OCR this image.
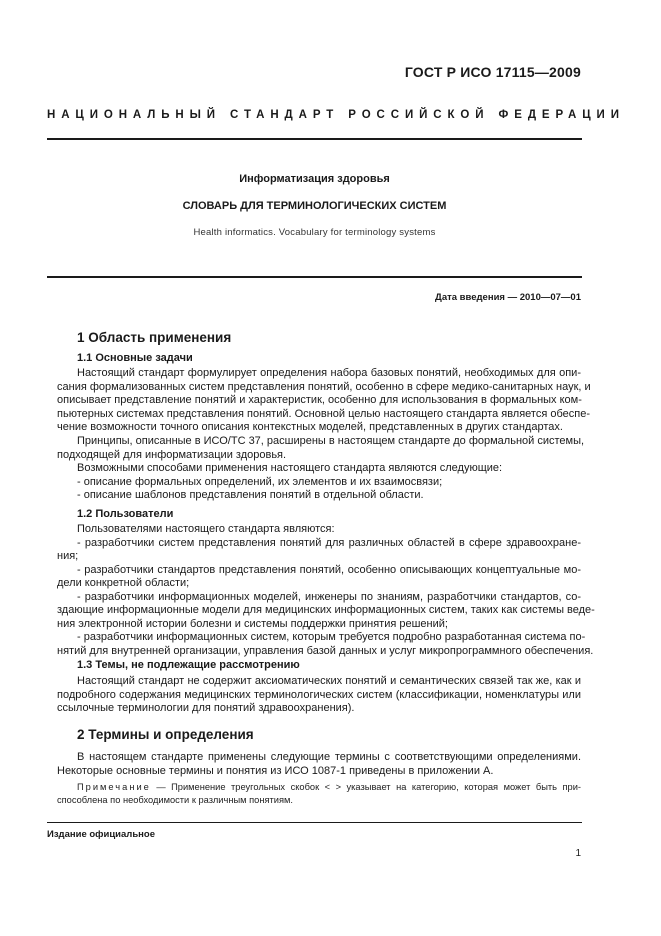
ГОСТ Р ИСО 17115—2009
НАЦИОНАЛЬНЫЙ СТАНДАРТ РОССИЙСКОЙ ФЕДЕРАЦИИ
Информатизация здоровья
СЛОВАРЬ ДЛЯ ТЕРМИНОЛОГИЧЕСКИХ СИСТЕМ
Health informatics. Vocabulary for terminology systems
Дата введения — 2010—07—01
1 Область применения
1.1 Основные задачи
Настоящий стандарт формулирует определения набора базовых понятий, необходимых для опи-
сания формализованных систем представления понятий, особенно в сфере медико-санитарных наук, и
описывает представление понятий и характеристик, особенно для использования в формальных ком-
пьютерных системах представления понятий. Основной целью настоящего стандарта является обеспе-
чение возможности точного описания контекстных моделей, представленных в других стандартах.
Принципы, описанные в ИСО/ТС 37, расширены в настоящем стандарте до формальной системы,
подходящей для информатизации здоровья.
Возможными способами применения настоящего стандарта являются следующие:
- описание формальных определений, их элементов и их взаимосвязи;
- описание шаблонов представления понятий в отдельной области.
1.2 Пользователи
Пользователями настоящего стандарта являются:
- разработчики систем представления понятий для различных областей в сфере здравоохране-
ния;
- разработчики стандартов представления понятий, особенно описывающих концептуальные мо-
дели конкретной области;
- разработчики информационных моделей, инженеры по знаниям, разработчики стандартов, со-
здающие информационные модели для медицинских информационных систем, таких как системы веде-
ния электронной истории болезни и системы поддержки принятия решений;
- разработчики информационных систем, которым требуется подробно разработанная система по-
нятий для внутренней организации, управления базой данных и услуг микропрограммного обеспечения.
1.3 Темы, не подлежащие рассмотрению
Настоящий стандарт не содержит аксиоматических понятий и семантических связей так же, как и
подробного содержания медицинских терминологических систем (классификации, номенклатуры или
ссылочные терминологии для понятий здравоохранения).
2 Термины и определения
В настоящем стандарте применены следующие термины с соответствующими определениями.
Некоторые основные термины и понятия из ИСО 1087-1 приведены в приложении А.
Примечание — Применение треугольных скобок < > указывает на категорию, которая может быть при-
способлена по необходимости к различным понятиям.
Издание официальное
1
